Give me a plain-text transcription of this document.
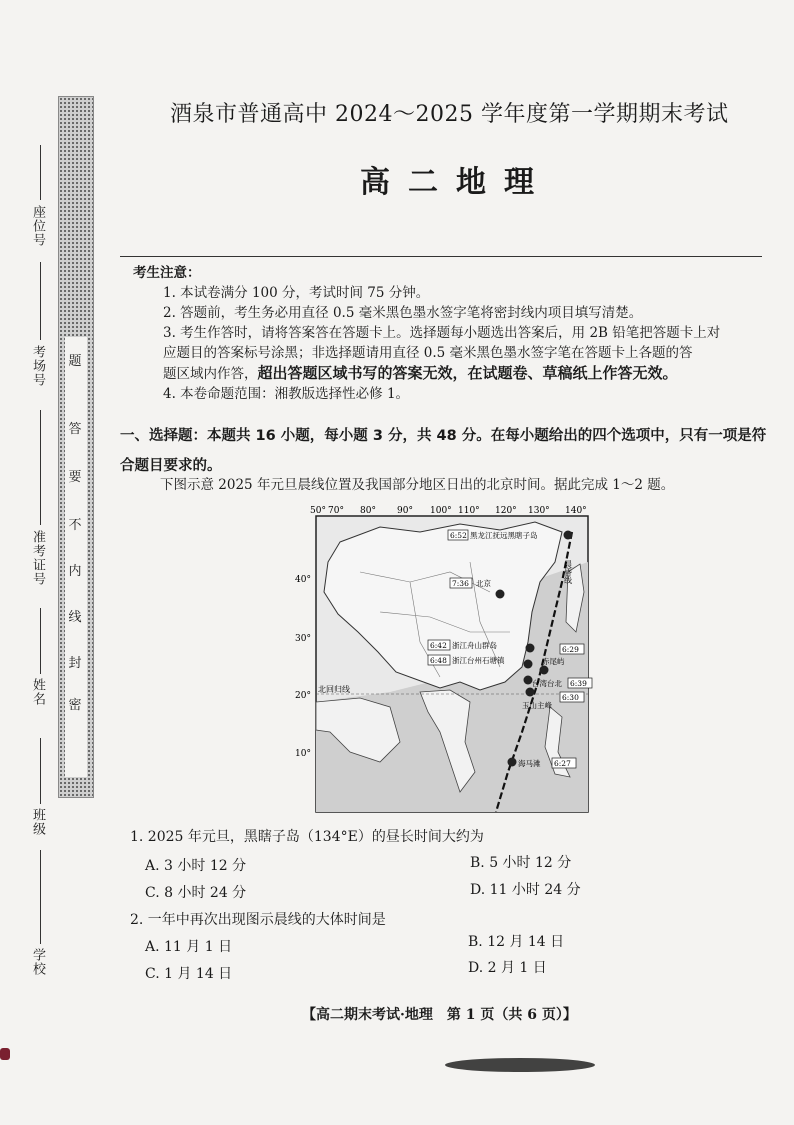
题
答
要
不
内
线
封
密
座位号
考场号
准考证号
姓名
班级
学校
酒泉市普通高中 2024～2025 学年度第一学期期末考试
高二地理
考生注意：
1. 本试卷满分 100 分，考试时间 75 分钟。
2. 答题前，考生务必用直径 0.5 毫米黑色墨水签字笔将密封线内项目填写清楚。
3. 考生作答时，请将答案答在答题卡上。选择题每小题选出答案后，用 2B 铅笔把答题卡上对
应题目的答案标号涂黑；非选择题请用直径 0.5 毫米黑色墨水签字笔在答题卡上各题的答
题区域内作答，超出答题区域书写的答案无效，在试题卷、草稿纸上作答无效。
4. 本卷命题范围：湘教版选择性必修 1。
一、选择题：本题共 16 小题，每小题 3 分，共 48 分。在每小题给出的四个选项中，只有一项是符合题目要求的。
下图示意 2025 年元旦晨线位置及我国部分地区日出的北京时间。据此完成 1～2 题。
50° 70° 80° 90° 100° 110° 120° 130° 140°
40°
30°
20°
10°
北回归线
晨昏线
6:52 黑龙江抚远黑瞎子岛
7:36 北京
6:42 浙江舟山群岛
6:48 浙江台州石塘镇
6:29
赤尾屿
6:39
台湾台北
6:30
玉山主峰
6:27
海马滩
1. 2025 年元旦，黑瞎子岛（134°E）的昼长时间大约为
A. 3 小时 12 分	B. 5 小时 12 分
C. 8 小时 24 分	D. 11 小时 24 分
2. 一年中再次出现图示晨线的大体时间是
A. 11 月 1 日	B. 12 月 14 日
C. 1 月 14 日	D. 2 月 1 日
【高二期末考试·地理　第 1 页（共 6 页）】
